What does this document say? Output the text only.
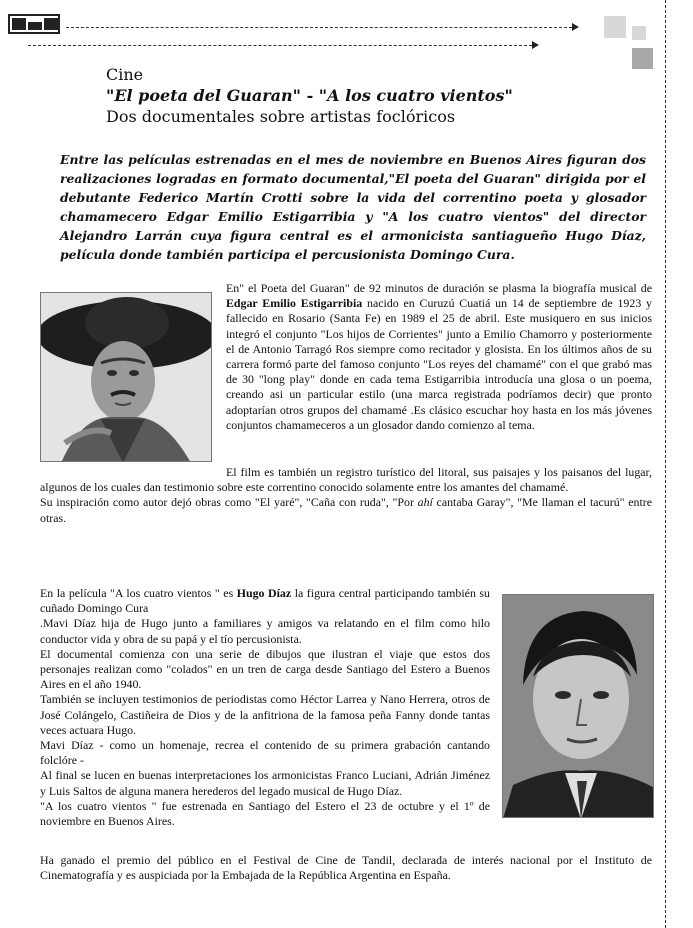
Cine
"El poeta del Guaran" - "A los cuatro vientos"
Dos documentales sobre artistas foclóricos
Entre las películas estrenadas en el mes de noviembre en Buenos Aires figuran dos realizaciones logradas en formato documental,"El poeta del Guaran" dirigida por el debutante Federico Martín Crotti sobre la vida del correntino poeta y glosador chamamecero Edgar Emilio Estigarribia y "A los cuatro vientos" del director Alejandro Larrán cuya figura central es el armonicista santiagueño Hugo Díaz, película donde también participa el percusionista Domingo Cura.

En" el Poeta del Guaran" de 92 minutos de duración se plasma la biografía musical de Edgar Emilio Estigarribia nacido en Curuzú Cuatiá un 14 de septiembre de 1923 y fallecido en Rosario (Santa Fe) en 1989 el 25 de abril. Este musiquero en sus inicios integró el conjunto "Los hijos de Corrientes" junto a Emilio Chamorro y posteriormente el de Antonio Tarragó Ros siempre como recitador y glosista. En los últimos años de su carrera formó parte del famoso conjunto "Los reyes del chamamé" con el que grabó mas de 30 "long play" donde en cada tema Estigarribia introducía una glosa o un poema, creando asi un particular estilo (una marca registrada podríamos decir) que pronto adoptarían otros grupos del chamamé .Es clásico escuchar hoy hasta en los más jóvenes conjuntos chamameceros a un glosador dando comienzo al tema.

El film es también un registro turístico del litoral, sus paisajes y los paisanos del lugar, algunos de los cuales dan testimonio sobre este correntino conocido solamente entre los amantes del chamamé.

Su inspiración como autor dejó obras como "El yaré", "Caña con ruda", "Por ahí cantaba Garay", "Me llaman el tacurú" entre otras.

En la película "A los cuatro vientos " es Hugo Díaz la figura central participando también su cuñado Domingo Cura

.Mavi Díaz hija de Hugo junto a familiares y amigos va relatando en el film como hilo conductor vida y obra de su papá y el tío percusionista.

El documental comienza con una serie de dibujos que ilustran el viaje que estos dos personajes realizan como "colados" en un tren de carga desde Santiago del Estero a Buenos Aires en el año 1940.

También se incluyen testimonios de periodistas como Héctor Larrea y Nano Herrera, otros de José Colángelo, Castiñeira de Dios y de la anfitriona de la famosa peña Fanny donde tantas veces actuara Hugo.

Mavi Díaz - como un homenaje, recrea el contenido de su primera grabación cantando folclóre -

Al final se lucen en buenas interpretaciones los armonicistas Franco Luciani, Adrián Jiménez y Luis Saltos de alguna manera herederos del legado musical de Hugo Díaz.

"A los cuatro vientos " fue estrenada en Santiago del Estero el 23 de octubre y el 1º de noviembre en Buenos Aires.

Ha ganado el premio del público en el Festival de Cine de Tandil, declarada de interés nacional por el Instituto de Cinematografía y es auspiciada por la Embajada de la República Argentina en España.
